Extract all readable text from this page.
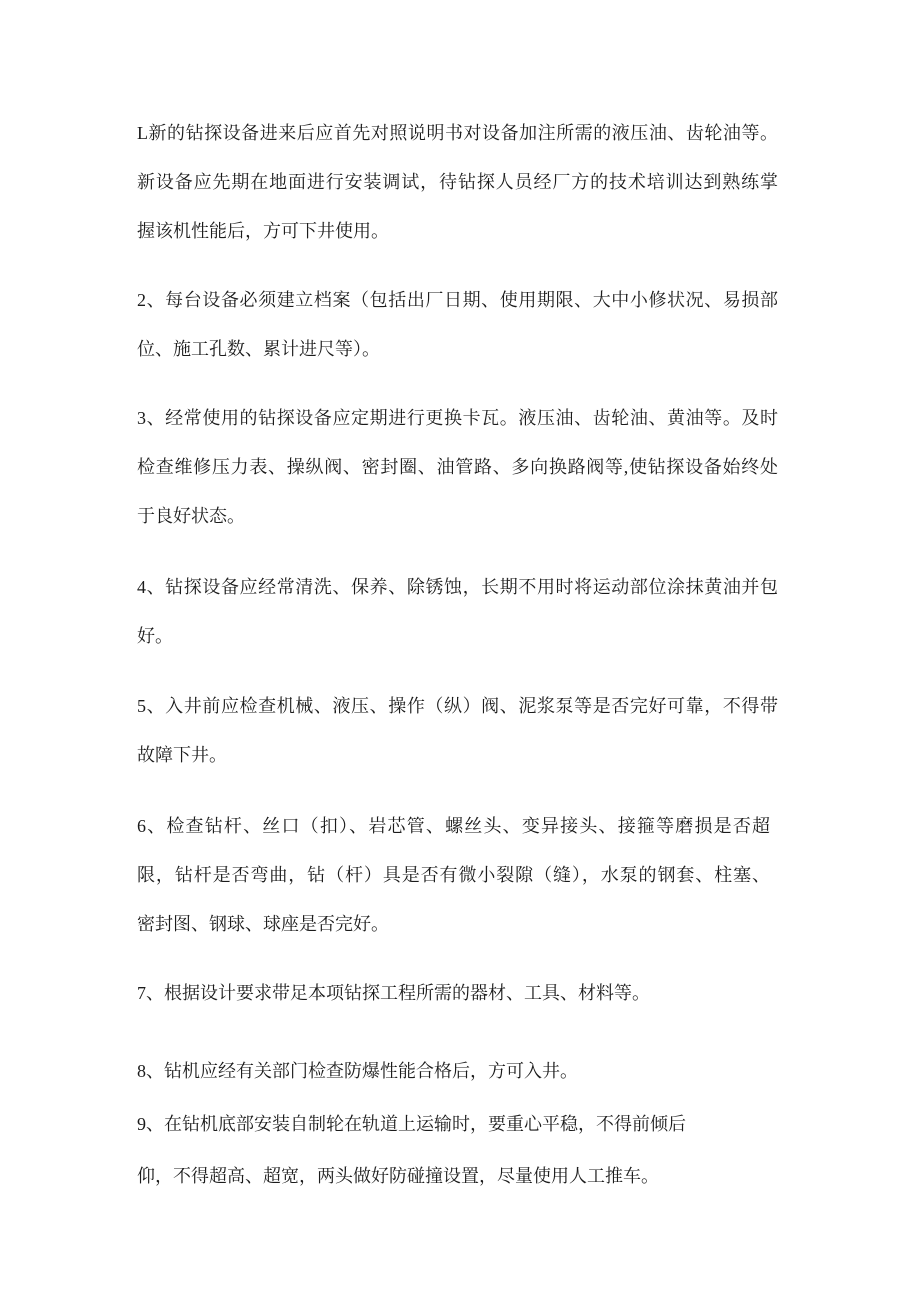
L新的钻探设备进来后应首先对照说明书对设备加注所需的液压油、齿轮油等。
新设备应先期在地面进行安装调试，待钻探人员经厂方的技术培训达到熟练掌
握该机性能后，方可下井使用。
2、每台设备必须建立档案（包括出厂日期、使用期限、大中小修状况、易损部
位、施工孔数、累计进尺等）。
3、经常使用的钻探设备应定期进行更换卡瓦。液压油、齿轮油、黄油等。及时
检查维修压力表、操纵阀、密封圈、油管路、多向换路阀等,使钻探设备始终处
于良好状态。
4、钻探设备应经常清洗、保养、除锈蚀，长期不用时将运动部位涂抹黄油并包
好。
5、入井前应检查机械、液压、操作（纵）阀、泥浆泵等是否完好可靠，不得带
故障下井。
6、检查钻杆、丝口（扣）、岩芯管、螺丝头、变异接头、接箍等磨损是否超
限，钻杆是否弯曲，钻（杆）具是否有微小裂隙（缝），水泵的钢套、柱塞、
密封图、钢球、球座是否完好。
7、根据设计要求带足本项钻探工程所需的器材、工具、材料等。
8、钻机应经有关部门检查防爆性能合格后，方可入井。
9、在钻机底部安装自制轮在轨道上运输时，要重心平稳，不得前倾后
仰，不得超高、超宽，两头做好防碰撞设置，尽量使用人工推车。
